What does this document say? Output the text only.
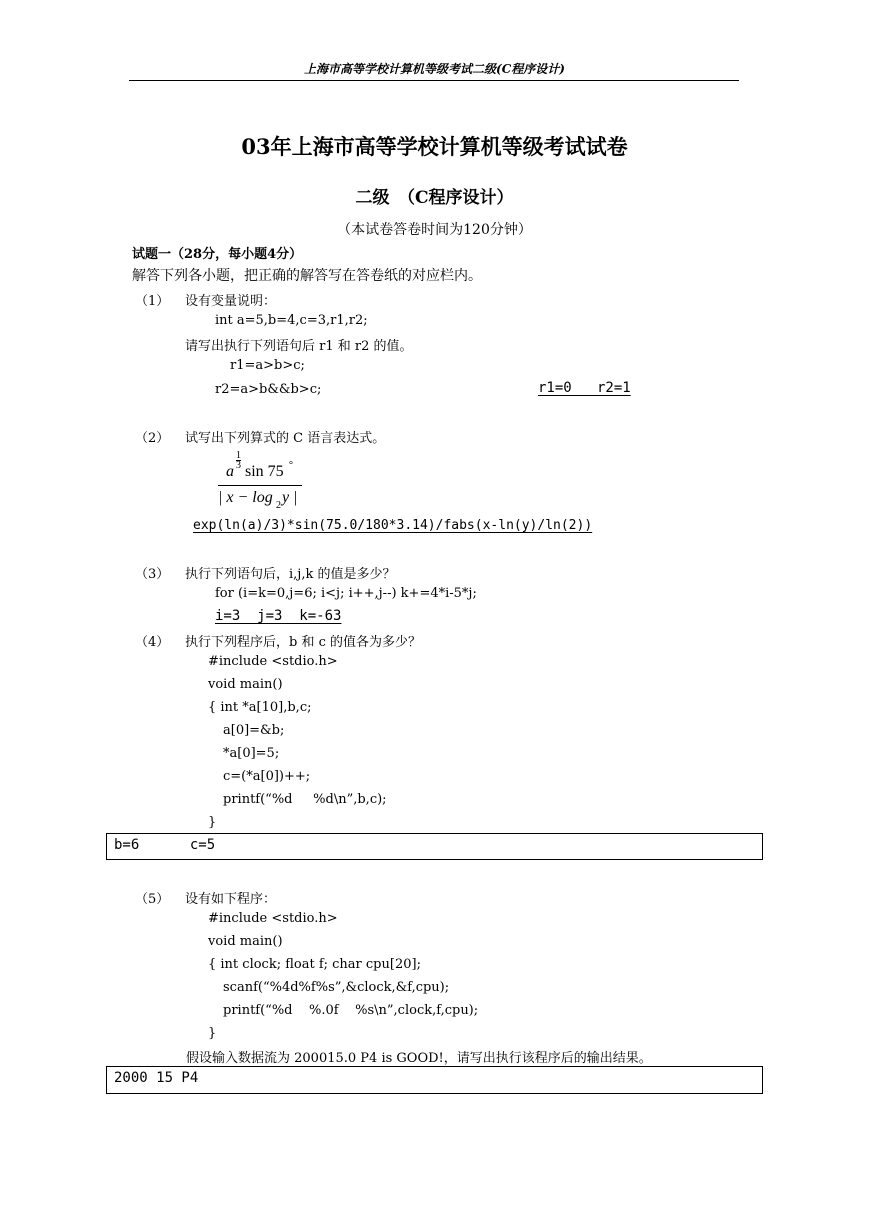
上海市高等学校计算机等级考试二级(C程序设计)
03年上海市高等学校计算机等级考试试卷
二级　（C程序设计）
（本试卷答卷时间为120分钟）
试题一（28分，每小题4分）
解答下列各小题，把正确的解答写在答卷纸的对应栏内。
（1） 设有变量说明：
int a=5,b=4,c=3,r1,r2;
请写出执行下列语句后 r1 和 r2 的值。
r1=a>b>c;
r2=a>b&&b>c;	r1=0   r2=1
（2） 试写出下列算式的 C 语言表达式。
a
1
3 sin 75 °
| x − log 2 y |
exp(ln(a)/3)*sin(75.0/180*3.14)/fabs(x-ln(y)/ln(2))
（3） 执行下列语句后，i,j,k 的值是多少？
for (i=k=0,j=6; i<j; i++,j--) k+=4*i-5*j;
i=3  j=3  k=-63
（4） 执行下列程序后，b 和 c 的值各为多少？
#include <stdio.h>
void main()
{ int *a[10],b,c;
a[0]=&b;
*a[0]=5;
c=(*a[0])++;
printf(“%d     %d\n”,b,c);
}
b=6      c=5
（5） 设有如下程序：
#include <stdio.h>
void main()
{ int clock; float f; char cpu[20];
scanf(“%4d%f%s”,&clock,&f,cpu);
printf(“%d    %.0f    %s\n”,clock,f,cpu);
}
假设输入数据流为 200015.0 P4 is GOOD!，请写出执行该程序后的输出结果。
2000 15 P4
